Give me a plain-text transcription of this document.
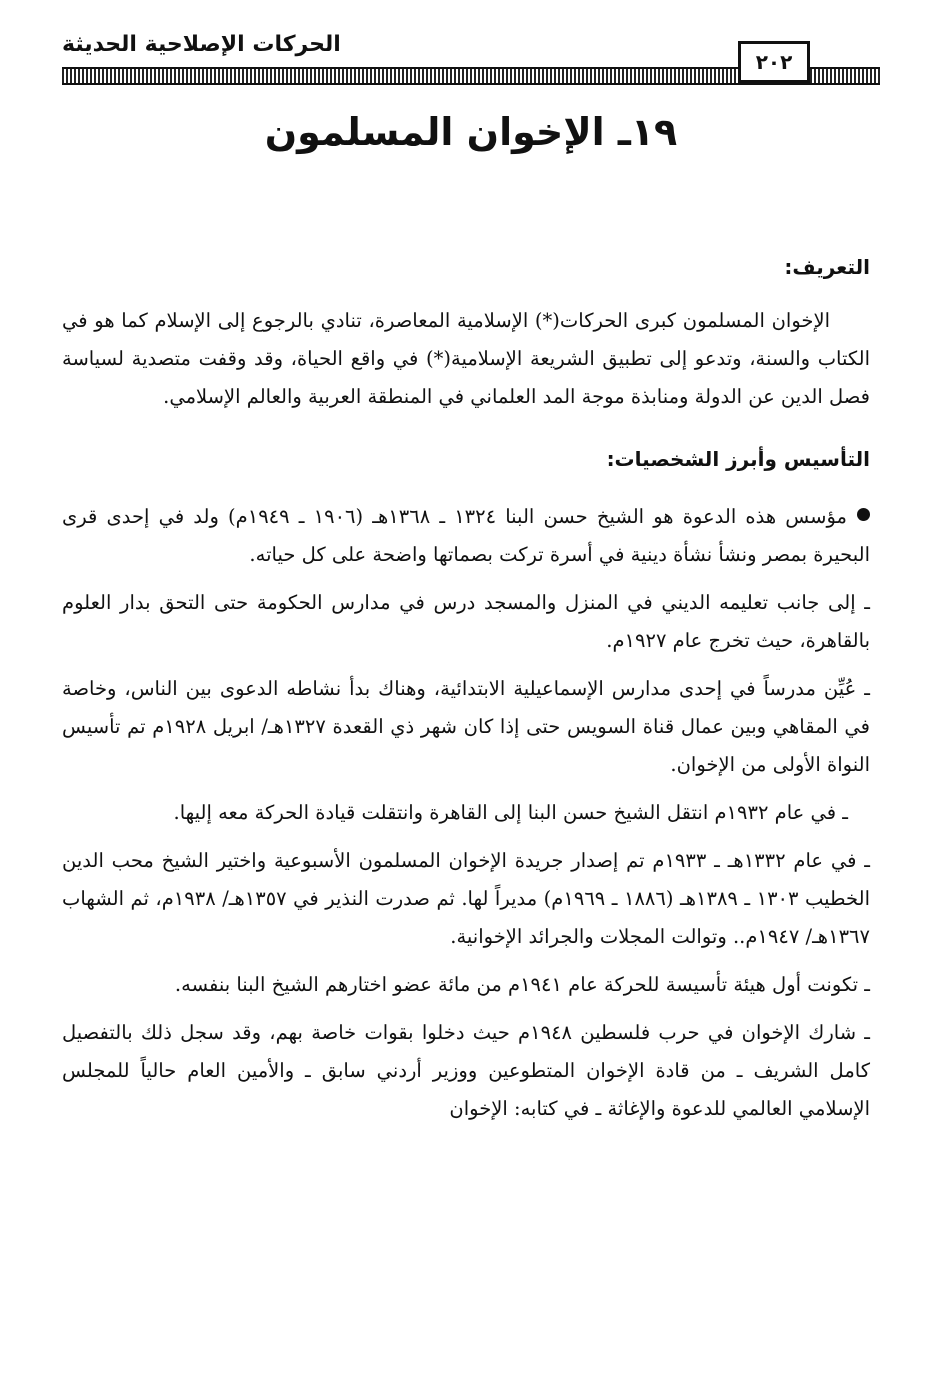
الحركات الإصلاحية الحديثة
٢٠٢
١٩ـ الإخوان المسلمون
التعريف:

الإخوان المسلمون كبرى الحركات(*) الإسلامية المعاصرة، تنادي بالرجوع إلى الإسلام كما هو في الكتاب والسنة، وتدعو إلى تطبيق الشريعة الإسلامية(*) في واقع الحياة، وقد وقفت متصدية لسياسة فصل الدين عن الدولة ومنابذة موجة المد العلماني في المنطقة العربية والعالم الإسلامي.

التأسيس وأبرز الشخصيات:

مؤسس هذه الدعوة هو الشيخ حسن البنا ١٣٢٤ ـ ١٣٦٨هـ (١٩٠٦ ـ ١٩٤٩م) ولد في إحدى قرى البحيرة بمصر ونشأ نشأة دينية في أسرة تركت بصماتها واضحة على كل حياته.

ـ إلى جانب تعليمه الديني في المنزل والمسجد درس في مدارس الحكومة حتى التحق بدار العلوم بالقاهرة، حيث تخرج عام ١٩٢٧م.

ـ عُيِّن مدرساً في إحدى مدارس الإسماعيلية الابتدائية، وهناك بدأ نشاطه الدعوى بين الناس، وخاصة في المقاهي وبين عمال قناة السويس حتى إذا كان شهر ذي القعدة ١٣٢٧هـ/ ابريل ١٩٢٨م تم تأسيس النواة الأولى من الإخوان.

ـ في عام ١٩٣٢م انتقل الشيخ حسن البنا إلى القاهرة وانتقلت قيادة الحركة معه إليها.

ـ في عام ١٣٣٢هـ ـ ١٩٣٣م تم إصدار جريدة الإخوان المسلمون الأسبوعية واختير الشيخ محب الدين الخطيب ١٣٠٣ ـ ١٣٨٩هـ (١٨٨٦ ـ ١٩٦٩م) مديراً لها. ثم صدرت النذير في ١٣٥٧هـ/ ١٩٣٨م، ثم الشهاب ١٣٦٧هـ/ ١٩٤٧م.. وتوالت المجلات والجرائد الإخوانية.

ـ تكونت أول هيئة تأسيسة للحركة عام ١٩٤١م من مائة عضو اختارهم الشيخ البنا بنفسه.

ـ شارك الإخوان في حرب فلسطين ١٩٤٨م حيث دخلوا بقوات خاصة بهم، وقد سجل ذلك بالتفصيل كامل الشريف ـ من قادة الإخوان المتطوعين ووزير أردني سابق ـ والأمين العام حالياً للمجلس الإسلامي العالمي للدعوة والإغاثة ـ في كتابه: الإخوان
